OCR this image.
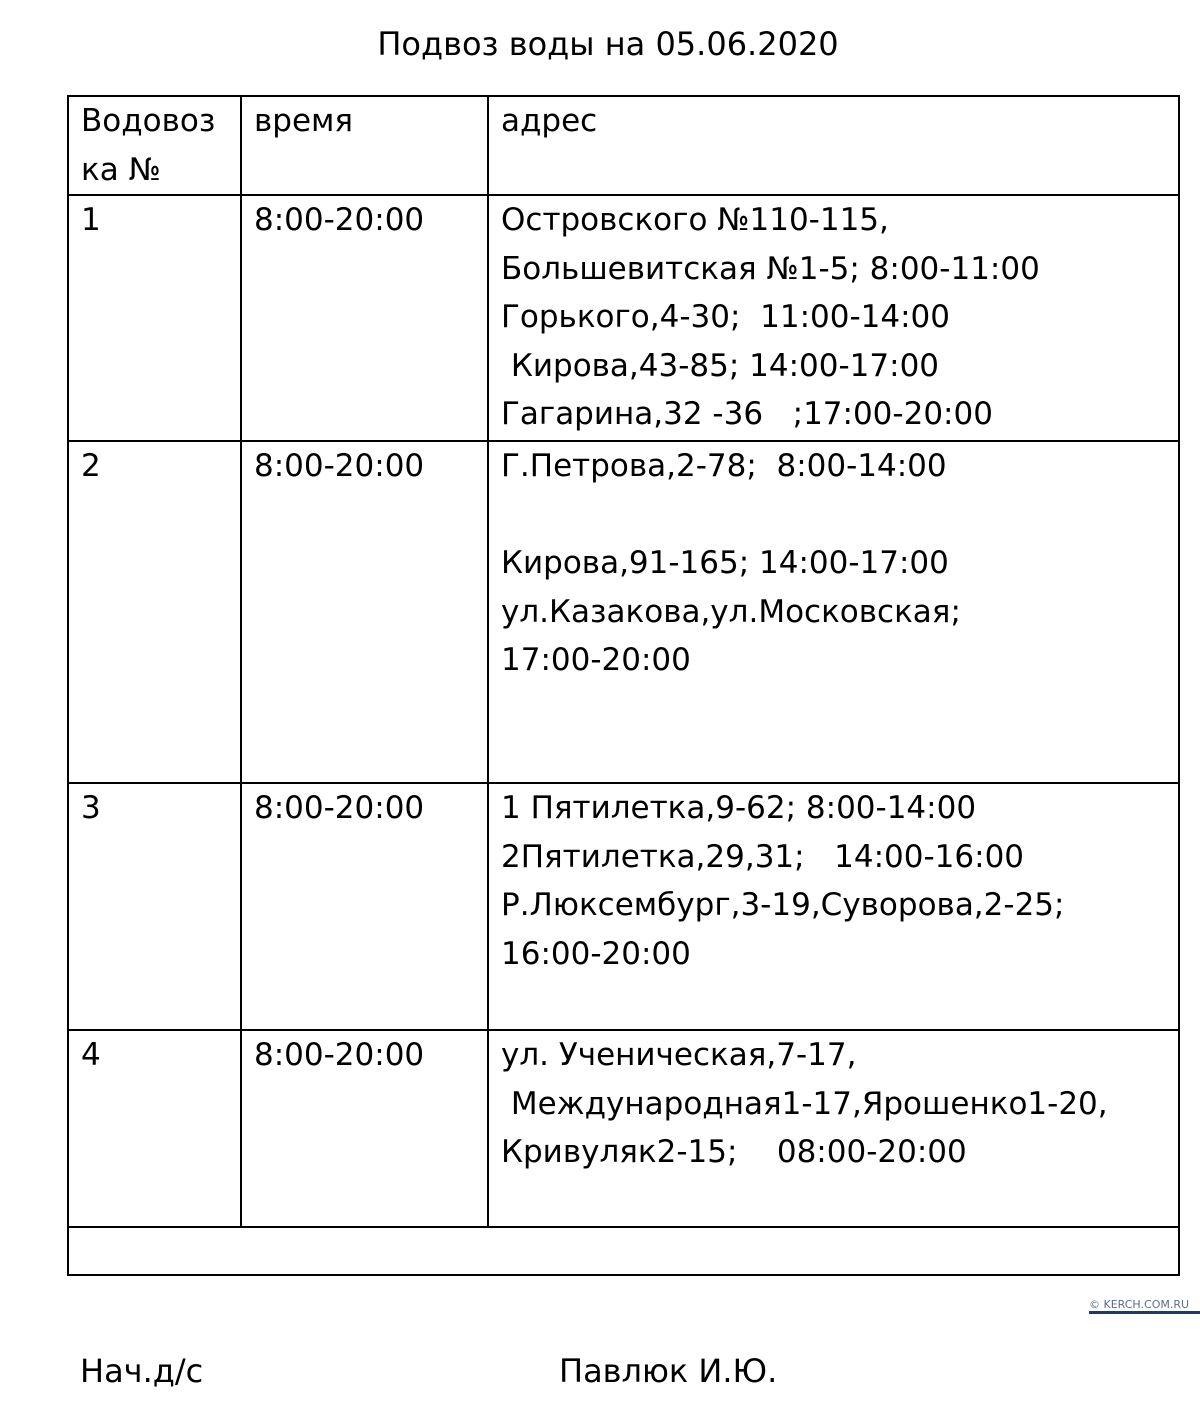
Подвоз воды на 05.06.2020
Водовоз
ка №	время	адрес

1	8:00-20:00	Островского №110-115,
Большевитская №1-5; 8:00-11:00
Горького,4-30;  11:00-14:00
Кирова,43-85; 14:00-17:00
Гагарина,32 -36   ;17:00-20:00

2	8:00-20:00	Г.Петрова,2-78;  8:00-14:00
Кирова,91-165; 14:00-17:00
ул.Казакова,ул.Московская;
17:00-20:00

3	8:00-20:00	1 Пятилетка,9-62; 8:00-14:00
2Пятилетка,29,31;   14:00-16:00
Р.Люксембург,3-19,Суворова,2-25;
16:00-20:00

4	8:00-20:00	ул. Ученическая,7-17,
Международная1-17,Ярошенко1-20,
Кривуляк2-15;    08:00-20:00

© KERCH.COM.RU
Нач.д/с	Павлюк И.Ю.
